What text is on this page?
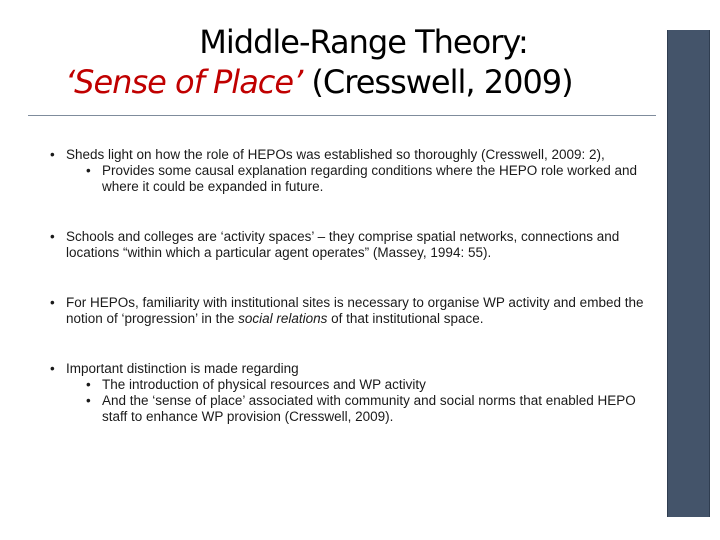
Middle-Range Theory:
‘Sense of Place’ (Cresswell, 2009)
• Sheds light on how the role of HEPOs was established so thoroughly (Cresswell, 2009: 2),
• Provides some causal explanation regarding conditions where the HEPO role worked and where it could be expanded in future.
• Schools and colleges are ‘activity spaces’ – they comprise spatial networks, connections and locations “within which a particular agent operates” (Massey, 1994: 55).
• For HEPOs, familiarity with institutional sites is necessary to organise WP activity and embed the notion of ‘progression’ in the social relations of that institutional space.
• Important distinction is made regarding
• The introduction of physical resources and WP activity
• And the ‘sense of place’ associated with community and social norms that enabled HEPO staff to enhance WP provision (Cresswell, 2009).
